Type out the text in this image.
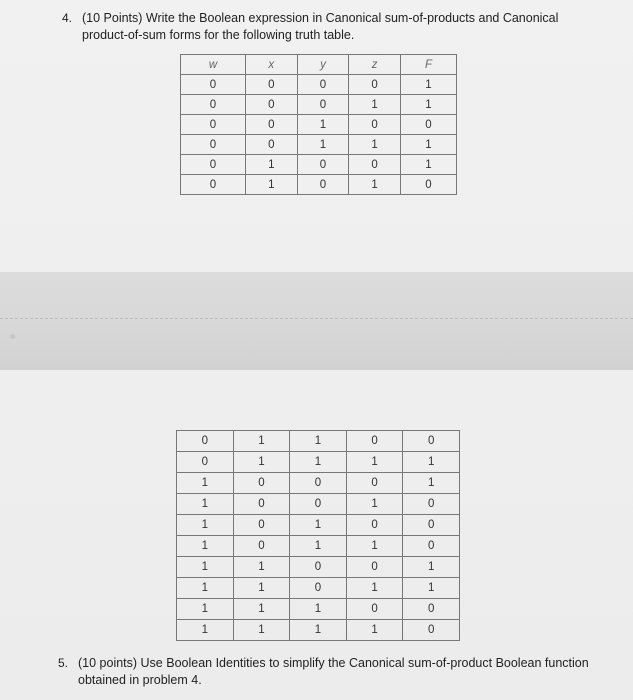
4. (10 Points) Write the Boolean expression in Canonical sum-of-products and Canonical product-of-sum forms for the following truth table.
w	x	y	z	F
0	0	0	0	1
0	0	0	1	1
0	0	1	0	0
0	0	1	1	1
0	1	0	0	1
0	1	0	1	0
0	1	1	0	0
0	1	1	1	1
1	0	0	0	1
1	0	0	1	0
1	0	1	0	0
1	0	1	1	0
1	1	0	0	1
1	1	0	1	1
1	1	1	0	0
1	1	1	1	0
5. (10 points) Use Boolean Identities to simplify the Canonical sum-of-product Boolean function obtained in problem 4.
